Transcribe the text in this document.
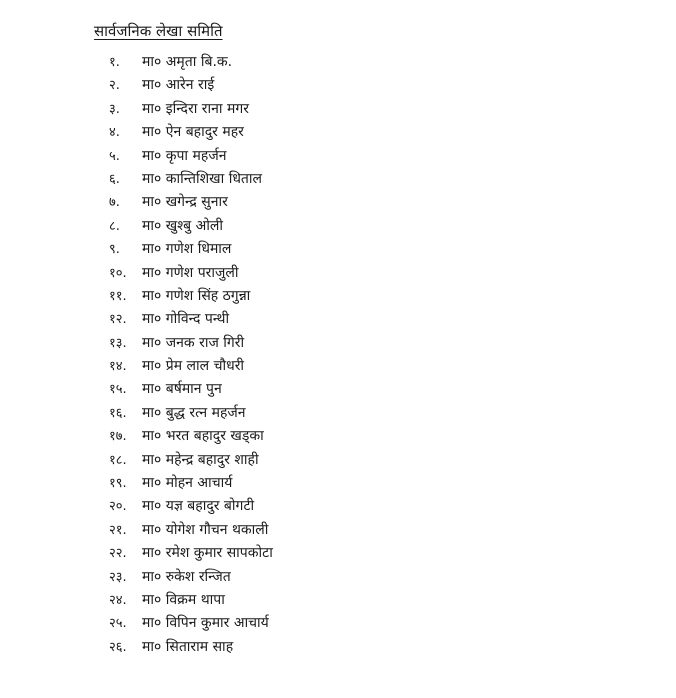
सार्वजनिक लेखा समिति
१. मा० अमृता बि.क.
२. मा० आरेन राई
३. मा० इन्दिरा राना मगर
४. मा० ऐन बहादुर महर
५. मा० कृपा महर्जन
६. मा० कान्तिशिखा धिताल
७. मा० खगेन्द्र सुनार
८. मा० खुश्बु ओली
९. मा० गणेश धिमाल
१०. मा० गणेश पराजुली
११. मा० गणेश सिंह ठगुन्ना
१२. मा० गोविन्द पन्थी
१३. मा० जनक राज गिरी
१४. मा० प्रेम लाल चौधरी
१५. मा० बर्षमान पुन
१६. मा० बुद्ध रत्न महर्जन
१७. मा० भरत बहादुर खड्का
१८. मा० महेन्द्र बहादुर शाही
१९. मा० मोहन आचार्य
२०. मा० यज्ञ बहादुर बोगटी
२१. मा० योगेश गौचन थकाली
२२. मा० रमेश कुमार सापकोटा
२३. मा० रुकेश रन्जित
२४. मा० विक्रम थापा
२५. मा० विपिन कुमार आचार्य
२६. मा० सिताराम साह
